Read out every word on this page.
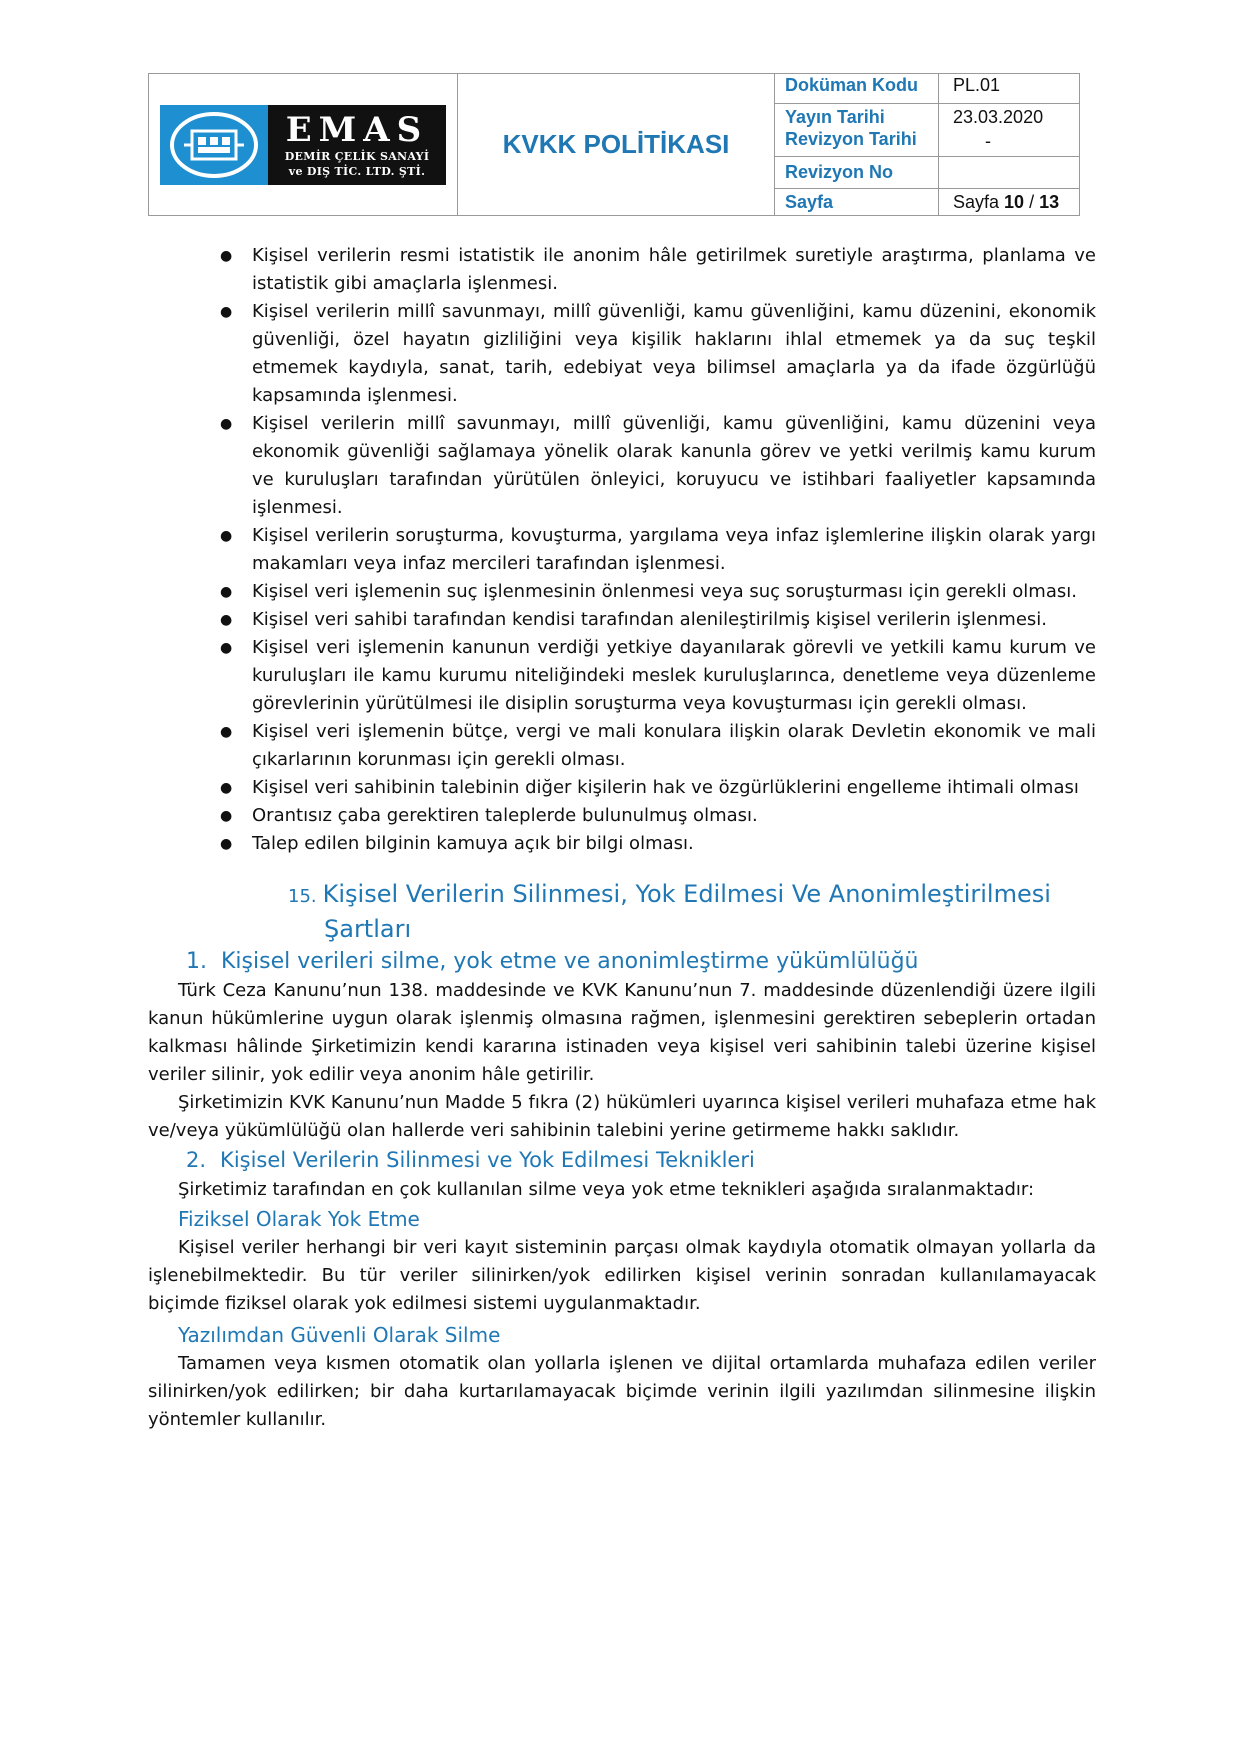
EMAS
DEMİR ÇELİK SANAYİ
ve DIŞ TİC. LTD. ŞTİ.
KVKK POLİTİKASI
Doküman Kodu	PL.01
Yayın Tarihi
Revizyon Tarihi
23.03.2020
-
Revizyon No
Sayfa	Sayfa
10
/
13
● Kişisel verilerin resmi istatistik ile anonim hâle getirilmek suretiyle araştırma, planlama ve istatistik gibi amaçlarla işlenmesi.
● Kişisel verilerin millî savunmayı, millî güvenliği, kamu güvenliğini, kamu düzenini, ekonomik güvenliği, özel hayatın gizliliğini veya kişilik haklarını ihlal etmemek ya da suç teşkil etmemek kaydıyla, sanat, tarih, edebiyat veya bilimsel amaçlarla ya da ifade özgürlüğü kapsamında işlenmesi.
● Kişisel verilerin millî savunmayı, millî güvenliği, kamu güvenliğini, kamu düzenini veya ekonomik güvenliği sağlamaya yönelik olarak kanunla görev ve yetki verilmiş kamu kurum ve kuruluşları tarafından yürütülen önleyici, koruyucu ve istihbari faaliyetler kapsamında işlenmesi.
● Kişisel verilerin soruşturma, kovuşturma, yargılama veya infaz işlemlerine ilişkin olarak yargı makamları veya infaz mercileri tarafından işlenmesi.
● Kişisel veri işlemenin suç işlenmesinin önlenmesi veya suç soruşturması için gerekli olması.
● Kişisel veri sahibi tarafından kendisi tarafından alenileştirilmiş kişisel verilerin işlenmesi.
● Kişisel veri işlemenin kanunun verdiği yetkiye dayanılarak görevli ve yetkili kamu kurum ve kuruluşları ile kamu kurumu niteliğindeki meslek kuruluşlarınca, denetleme veya düzenleme görevlerinin yürütülmesi ile disiplin soruşturma veya kovuşturması için gerekli olması.
● Kişisel veri işlemenin bütçe, vergi ve mali konulara ilişkin olarak Devletin ekonomik ve mali çıkarlarının korunması için gerekli olması.
● Kişisel veri sahibinin talebinin diğer kişilerin hak ve özgürlüklerini engelleme ihtimali olması
● Orantısız çaba gerektiren taleplerde bulunulmuş olması.
● Talep edilen bilginin kamuya açık bir bilgi olması.
15. Kişisel Verilerin Silinmesi, Yok Edilmesi Ve Anonimleştirilmesi
Şartları
1. Kişisel verileri silme, yok etme ve anonimleştirme yükümlülüğü

Türk Ceza Kanunu’nun 138. maddesinde ve KVK Kanunu’nun 7. maddesinde düzenlendiği üzere ilgili kanun hükümlerine uygun olarak işlenmiş olmasına rağmen, işlenmesini gerektiren sebeplerin ortadan kalkması hâlinde Şirketimizin kendi kararına istinaden veya kişisel veri sahibinin talebi üzerine kişisel veriler silinir, yok edilir veya anonim hâle getirilir.

Şirketimizin KVK Kanunu’nun Madde 5 fıkra (2) hükümleri uyarınca kişisel verileri muhafaza etme hak ve/veya yükümlülüğü olan hallerde veri sahibinin talebini yerine getirmeme hakkı saklıdır.

2. Kişisel Verilerin Silinmesi ve Yok Edilmesi Teknikleri

Şirketimiz tarafından en çok kullanılan silme veya yok etme teknikleri aşağıda sıralanmaktadır:

Fiziksel Olarak Yok Etme

Kişisel veriler herhangi bir veri kayıt sisteminin parçası olmak kaydıyla otomatik olmayan yollarla da işlenebilmektedir. Bu tür veriler silinirken/yok edilirken kişisel verinin sonradan kullanılamayacak biçimde fiziksel olarak yok edilmesi sistemi uygulanmaktadır.

Yazılımdan Güvenli Olarak Silme

Tamamen veya kısmen otomatik olan yollarla işlenen ve dijital ortamlarda muhafaza edilen veriler silinirken/yok edilirken; bir daha kurtarılamayacak biçimde verinin ilgili yazılımdan silinmesine ilişkin yöntemler kullanılır.
